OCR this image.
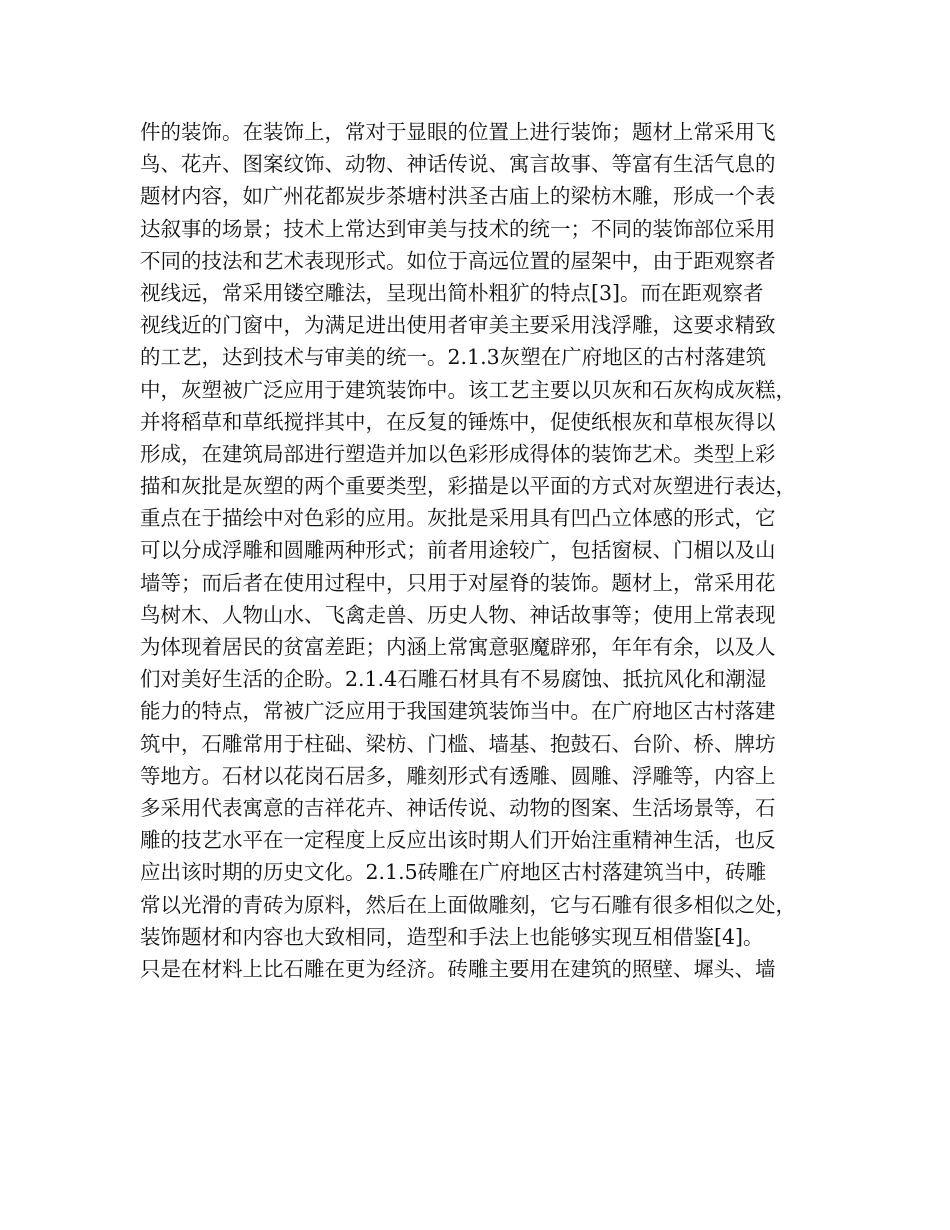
件的装饰。在装饰上，常对于显眼的位置上进行装饰；题材上常采用飞
鸟、花卉、图案纹饰、动物、神话传说、寓言故事、等富有生活气息的
题材内容，如广州花都炭步茶塘村洪圣古庙上的梁枋木雕，形成一个表
达叙事的场景；技术上常达到审美与技术的统一；不同的装饰部位采用
不同的技法和艺术表现形式。如位于高远位置的屋架中，由于距观察者
视线远，常采用镂空雕法，呈现出简朴粗犷的特点[3]。而在距观察者
视线近的门窗中，为满足进出使用者审美主要采用浅浮雕，这要求精致
的工艺，达到技术与审美的统一。2.1.3灰塑在广府地区的古村落建筑
中，灰塑被广泛应用于建筑装饰中。该工艺主要以贝灰和石灰构成灰糕，
并将稻草和草纸搅拌其中，在反复的锤炼中，促使纸根灰和草根灰得以
形成，在建筑局部进行塑造并加以色彩形成得体的装饰艺术。类型上彩
描和灰批是灰塑的两个重要类型，彩描是以平面的方式对灰塑进行表达，
重点在于描绘中对色彩的应用。灰批是采用具有凹凸立体感的形式，它
可以分成浮雕和圆雕两种形式；前者用途较广，包括窗棂、门楣以及山
墙等；而后者在使用过程中，只用于对屋脊的装饰。题材上，常采用花
鸟树木、人物山水、飞禽走兽、历史人物、神话故事等；使用上常表现
为体现着居民的贫富差距；内涵上常寓意驱魔辟邪，年年有余，以及人
们对美好生活的企盼。2.1.4石雕石材具有不易腐蚀、抵抗风化和潮湿
能力的特点，常被广泛应用于我国建筑装饰当中。在广府地区古村落建
筑中，石雕常用于柱础、梁枋、门槛、墙基、抱鼓石、台阶、桥、牌坊
等地方。石材以花岗石居多，雕刻形式有透雕、圆雕、浮雕等，内容上
多采用代表寓意的吉祥花卉、神话传说、动物的图案、生活场景等，石
雕的技艺水平在一定程度上反应出该时期人们开始注重精神生活，也反
应出该时期的历史文化。2.1.5砖雕在广府地区古村落建筑当中，砖雕
常以光滑的青砖为原料，然后在上面做雕刻，它与石雕有很多相似之处，
装饰题材和内容也大致相同，造型和手法上也能够实现互相借鉴[4]。
只是在材料上比石雕在更为经济。砖雕主要用在建筑的照壁、墀头、墙
